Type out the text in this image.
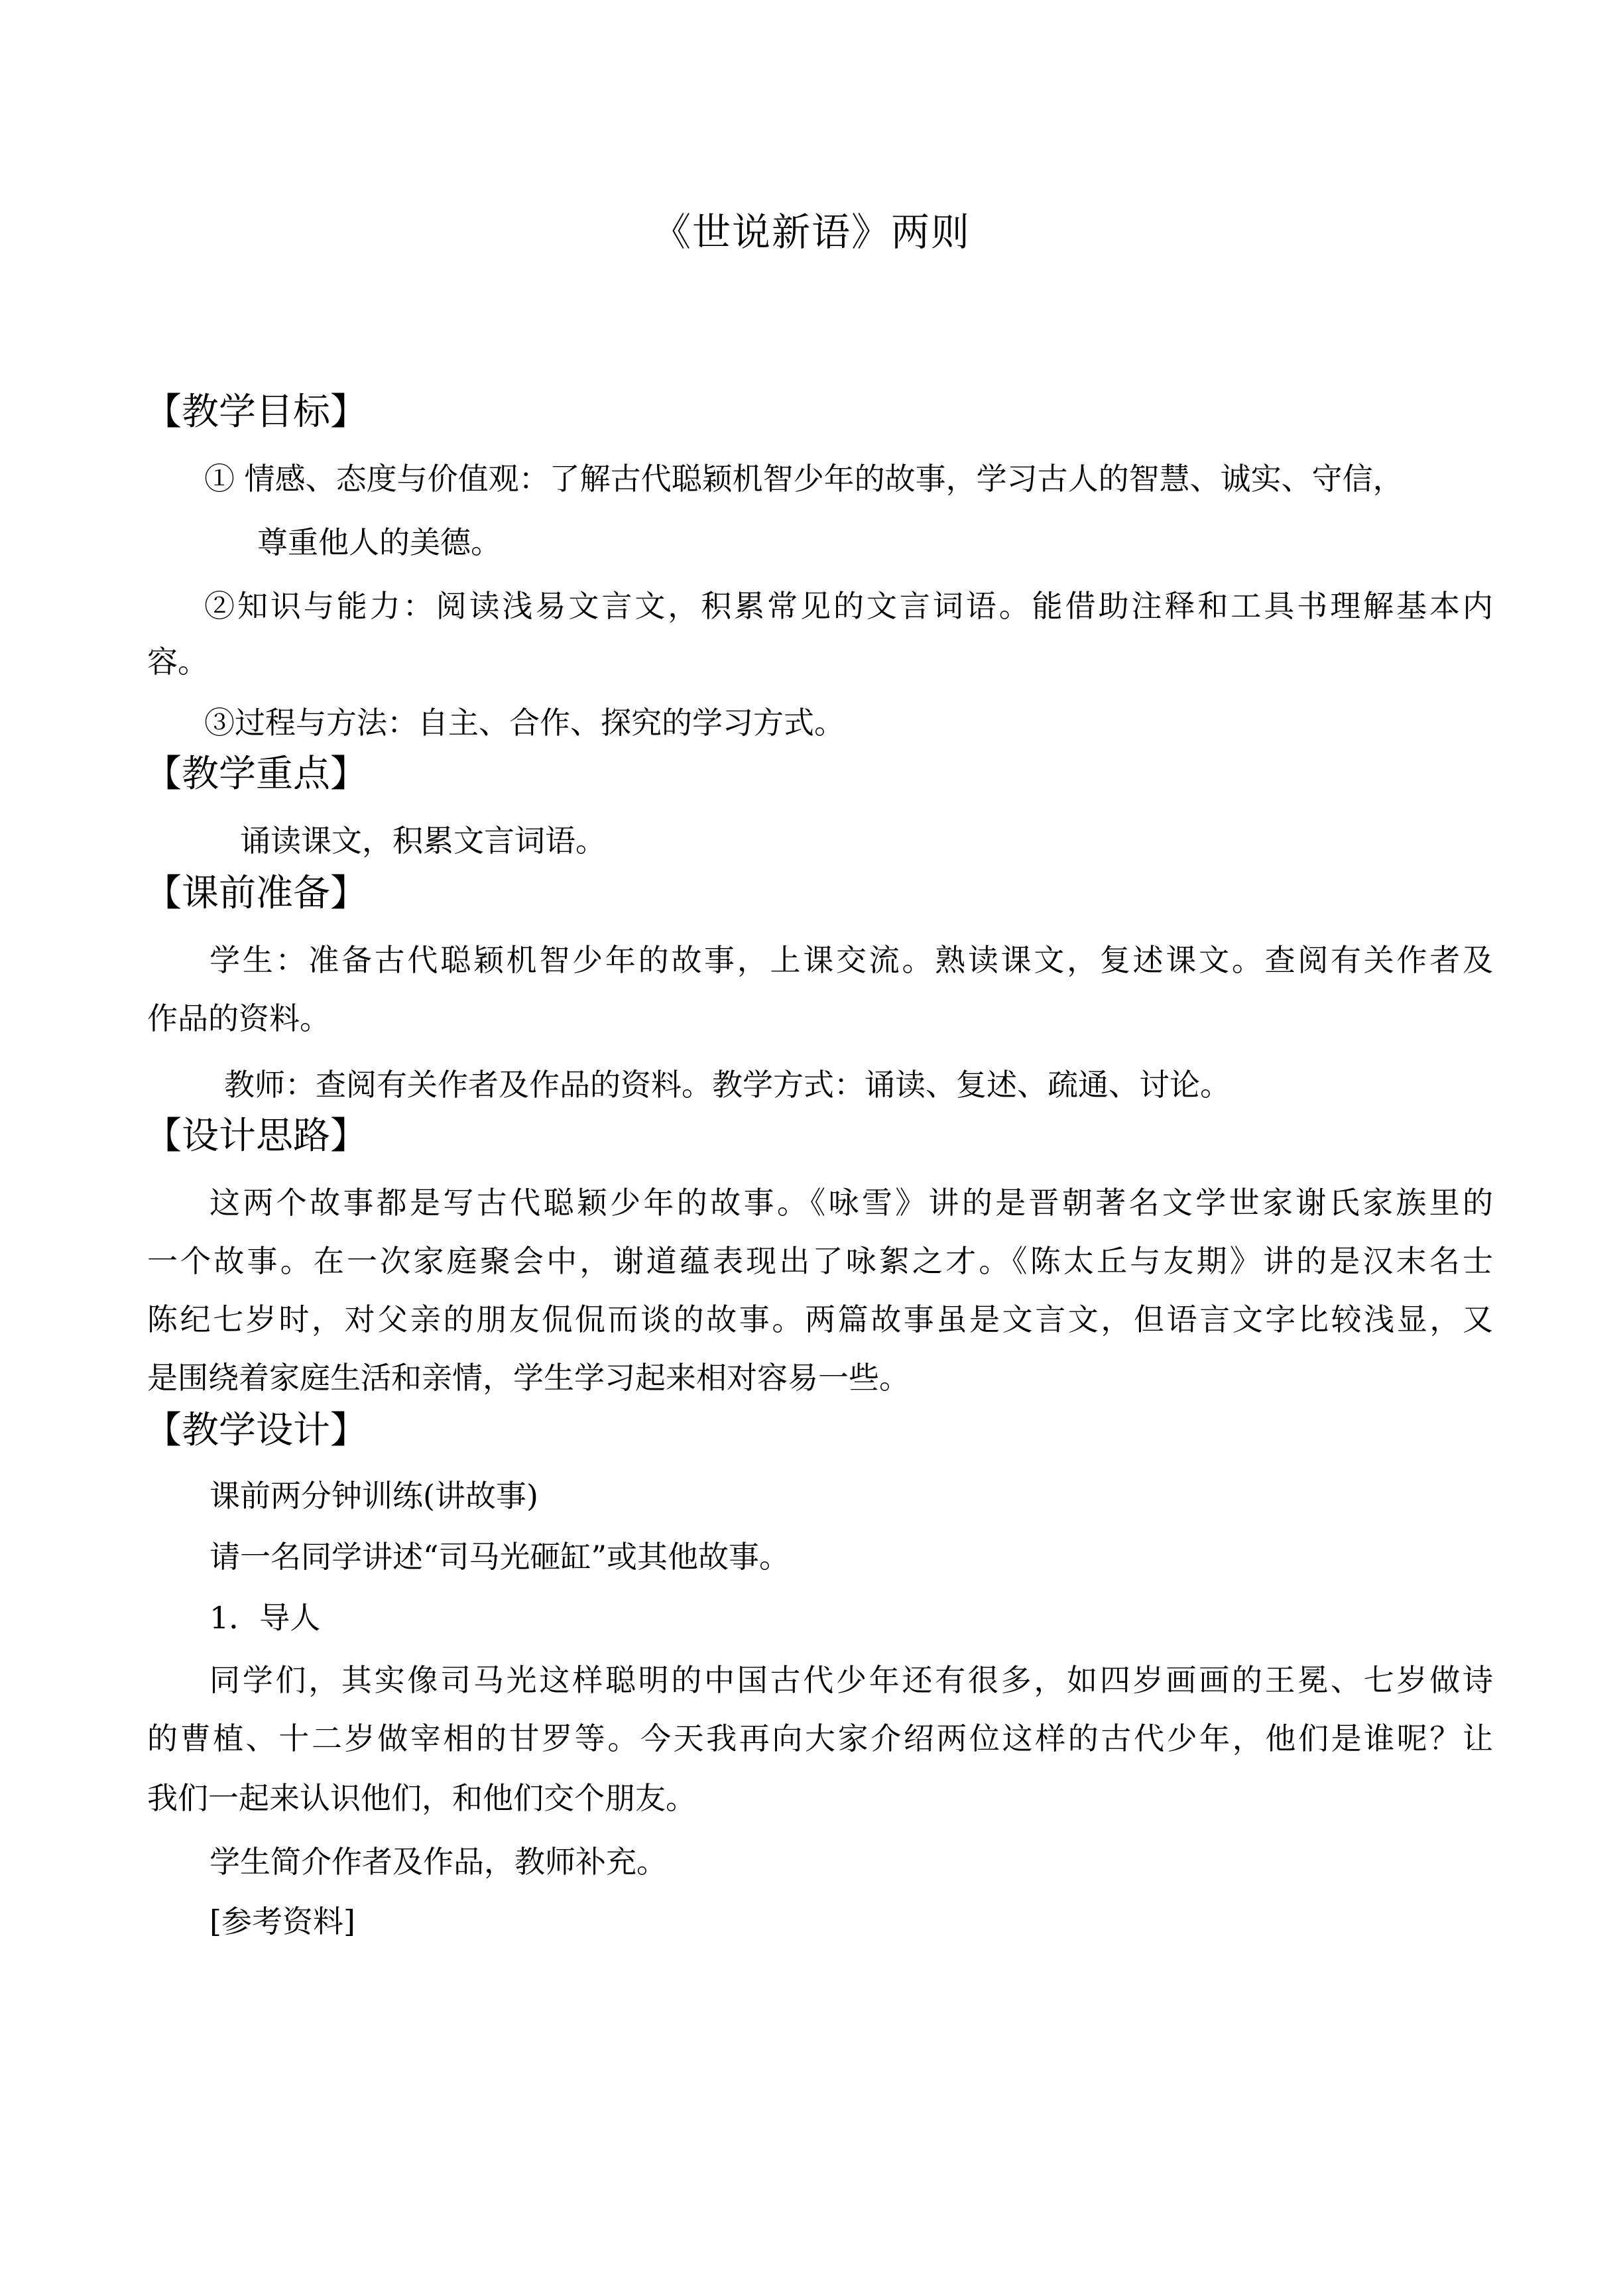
《世说新语》两则
【教学目标】
① 情感、态度与价值观：了解古代聪颖机智少年的故事，学习古人的智慧、诚实、守信，
尊重他人的美德。
②知识与能力：阅读浅易文言文，积累常见的文言词语。能借助注释和工具书理解基本内
容。
③过程与方法：自主、合作、探究的学习方式。
【教学重点】
诵读课文，积累文言词语。
【课前准备】
学生：准备古代聪颖机智少年的故事，上课交流。熟读课文，复述课文。查阅有关作者及
作品的资料。
教师：查阅有关作者及作品的资料。教学方式：诵读、复述、疏通、讨论。
【设计思路】
这两个故事都是写古代聪颖少年的故事。《咏雪》讲的是晋朝著名文学世家谢氏家族里的
一个故事。在一次家庭聚会中，谢道蕴表现出了咏絮之才。《陈太丘与友期》讲的是汉末名士
陈纪七岁时，对父亲的朋友侃侃而谈的故事。两篇故事虽是文言文，但语言文字比较浅显，又
是围绕着家庭生活和亲情，学生学习起来相对容易一些。
【教学设计】
课前两分钟训练(讲故事)
请一名同学讲述“司马光砸缸”或其他故事。
1．导人
同学们，其实像司马光这样聪明的中国古代少年还有很多，如四岁画画的王冕、七岁做诗
的曹植、十二岁做宰相的甘罗等。今天我再向大家介绍两位这样的古代少年，他们是谁呢？让
我们一起来认识他们，和他们交个朋友。
学生简介作者及作品，教师补充。
[参考资料]
